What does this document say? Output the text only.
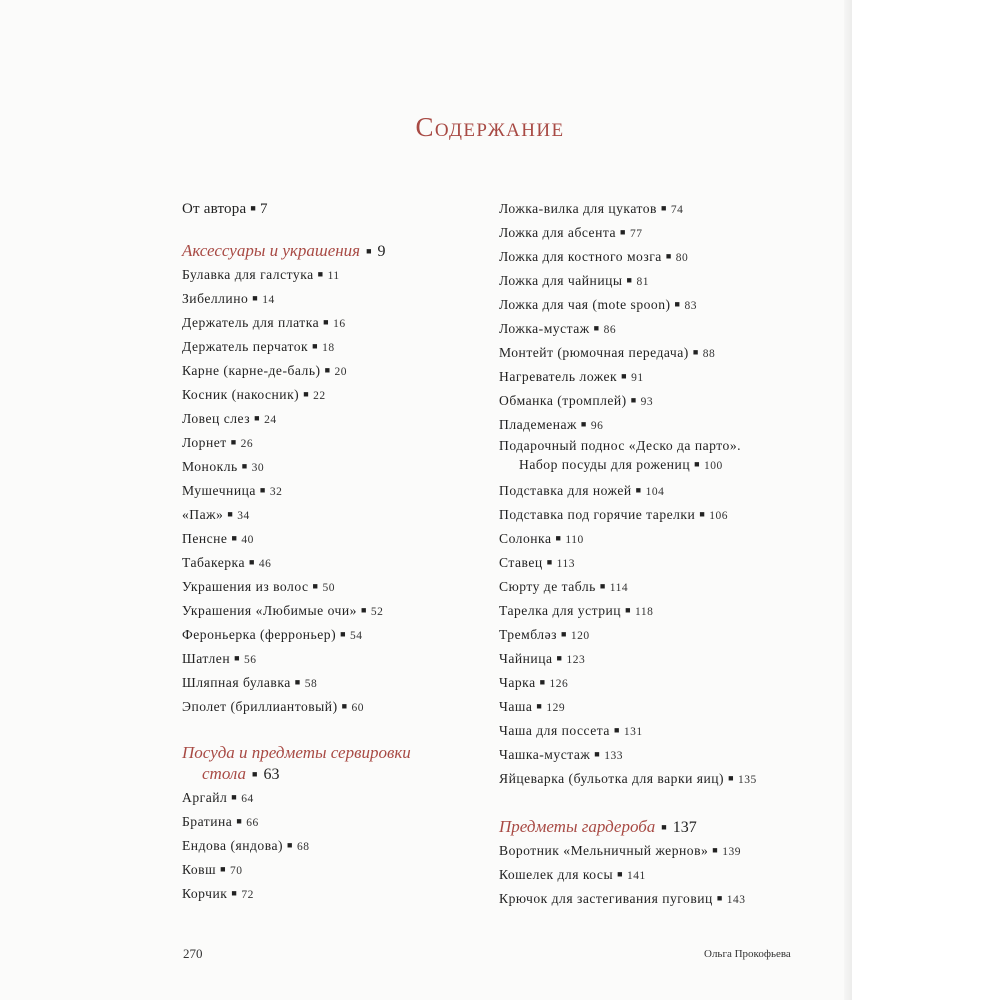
Содержание
От автора ■ 7
Аксессуары и украшения ■ 9
Булавка для галстука ■ 11
Зибеллино ■ 14
Держатель для платка ■ 16
Держатель перчаток ■ 18
Карне (карне-де-баль) ■ 20
Косник (накосник) ■ 22
Ловец слез ■ 24
Лорнет ■ 26
Монокль ■ 30
Мушечница ■ 32
«Паж» ■ 34
Пенсне ■ 40
Табакерка ■ 46
Украшения из волос ■ 50
Украшения «Любимые очи» ■ 52
Фероньерка (ферроньер) ■ 54
Шатлен ■ 56
Шляпная булавка ■ 58
Эполет (бриллиантовый) ■ 60
Посуда и предметы сервировки
стола ■ 63
Аргайл ■ 64
Братина ■ 66
Ендова (яндова) ■ 68
Ковш ■ 70
Корчик ■ 72
Ложка-вилка для цукатов ■ 74
Ложка для абсента ■ 77
Ложка для костного мозга ■ 80
Ложка для чайницы ■ 81
Ложка для чая (mote spoon) ■ 83
Ложка-мустаж ■ 86
Монтейт (рюмочная передача) ■ 88
Нагреватель ложек ■ 91
Обманка (тромплей) ■ 93
Пладеменаж ■ 96
Подарочный поднос «Деско да парто».
Набор посуды для рожениц ■ 100
Подставка для ножей ■ 104
Подставка под горячие тарелки ■ 106
Солонка ■ 110
Ставец ■ 113
Сюрту де табль ■ 114
Тарелка для устриц ■ 118
Трембләз ■ 120
Чайница ■ 123
Чарка ■ 126
Чаша ■ 129
Чаша для поссета ■ 131
Чашка-мустаж ■ 133
Яйцеварка (бульотка для варки яиц) ■ 135
Предметы гардероба ■ 137
Воротник «Мельничный жернов» ■ 139
Кошелек для косы ■ 141
Крючок для застегивания пуговиц ■ 143
270	Ольга Прокофьева
